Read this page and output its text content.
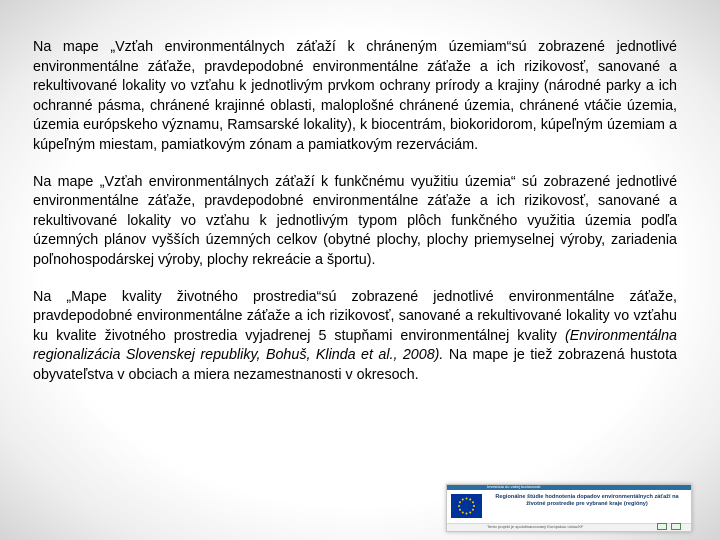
Na mape „Vzťah environmentálnych záťaží k chráneným územiam“sú zobrazené jednotlivé environmentálne záťaže, pravdepodobné environmentálne záťaže a ich rizikovosť, sanované a rekultivované lokality vo vzťahu k jednotlivým prvkom ochrany prírody a krajiny (národné parky a ich ochranné pásma, chránené krajinné oblasti, maloplošné chránené územia, chránené vtáčie územia, územia európskeho významu, Ramsarské lokality), k biocentrám, biokoridorom, kúpeľným územiam a kúpeľným miestam, pamiatkovým zónam a pamiatkovým rezerváciám.

Na mape „Vzťah environmentálnych záťaží k funkčnému využitiu územia“ sú zobrazené jednotlivé environmentálne záťaže, pravdepodobné environmentálne záťaže a ich rizikovosť, sanované a rekultivované lokality vo vzťahu k jednotlivým typom plôch funkčného využitia územia podľa územných plánov vyšších územných celkov (obytné plochy, plochy priemyselnej výroby, zariadenia poľnohospodárskej výroby, plochy rekreácie a športu).

Na „Mape kvality životného prostredia“sú zobrazené jednotlivé environmentálne záťaže, pravdepodobné environmentálne záťaže a ich rizikovosť, sanované a rekultivované lokality vo vzťahu ku kvalite životného prostredia vyjadrenej 5 stupňami environmentálnej kvality (Environmentálna regionalizácia Slovenskej republiky, Bohuš, Klinda et al., 2008). Na mape je tiež zobrazená hustota obyvateľstva v obciach a miera nezamestnanosti v okresoch.

Investícia do vašej budúcnosti
Regionálne štúdie hodnotenia dopadov environmentálnych záťaží na životné prostredie pre vybrané kraje (regióny)
Tento projekt je spolufinancovaný Európskou úniou/KF
